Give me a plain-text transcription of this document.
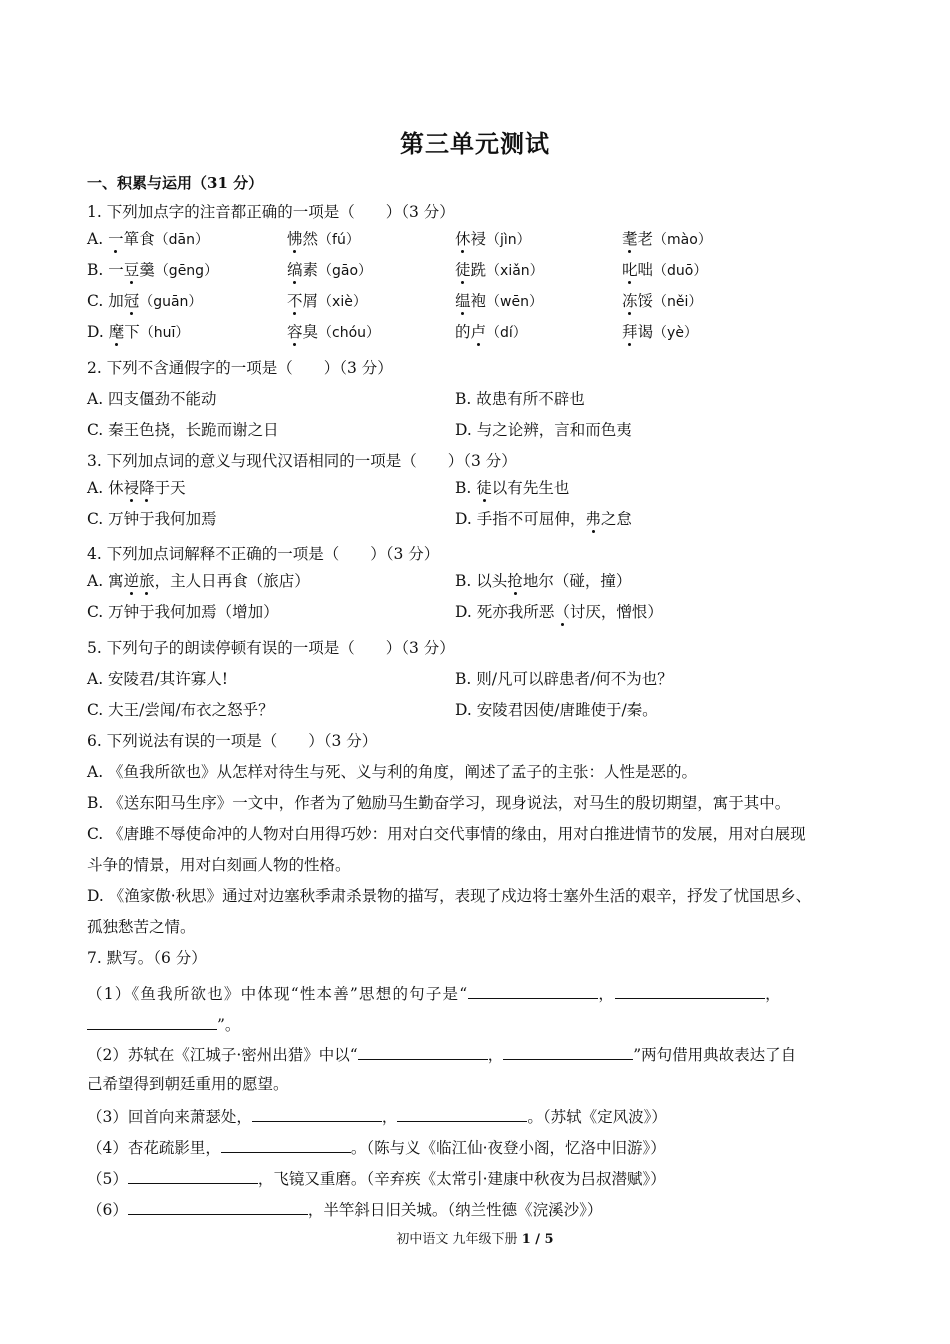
第三单元测试
一、积累与运用（31 分）
1. 下列加点字的注音都正确的一项是（　　）（3 分）
A. 一箪食（dān）	怫然（fú）	休祲（jìn）	耄老（mào）
B. 一豆羹（gēng）	缟素（gāo）	徒跣（xiǎn）	叱咄（duō）
C. 加冠（guān）	不屑（xiè）	缊袍（wēn）	冻馁（něi）
D. 麾下（huī）	容臭（chóu）	的卢（dí）	拜谒（yè）
2. 下列不含通假字的一项是（　　）（3 分）
A. 四支僵劲不能动	B. 故患有所不辟也
C. 秦王色挠，长跪而谢之日	D. 与之论辨，言和而色夷
3. 下列加点词的意义与现代汉语相同的一项是（　　）（3 分）
A. 休祲降于天	B. 徒以有先生也
C. 万钟于我何加焉	D. 手指不可屈伸，弗之怠
4. 下列加点词解释不正确的一项是（　　）（3 分）
A. 寓逆旅，主人日再食（旅店）	B. 以头抢地尔（碰，撞）
C. 万钟于我何加焉（增加）	D. 死亦我所恶（讨厌，憎恨）
5. 下列句子的朗读停顿有误的一项是（　　）（3 分）
A. 安陵君/其许寡人!	B. 则/凡可以辟患者/何不为也？
C. 大王/尝闻/布衣之怒乎？	D. 安陵君因使/唐雎使于/秦。
6. 下列说法有误的一项是（　　）（3 分）
A. 《鱼我所欲也》从怎样对待生与死、义与利的角度，阐述了孟子的主张：人性是恶的。
B. 《送东阳马生序》一文中，作者为了勉励马生勤奋学习，现身说法，对马生的殷切期望，寓于其中。
C. 《唐雎不辱使命冲的人物对白用得巧妙：用对白交代事情的缘由，用对白推进情节的发展，用对白展现
斗争的情景，用对白刻画人物的性格。
D. 《渔家傲·秋思》通过对边塞秋季肃杀景物的描写，表现了戍边将士塞外生活的艰辛，抒发了忧国思乡、
孤独愁苦之情。
7. 默写。（6 分）
（1）《鱼我所欲也》中体现“性本善”思想的句子是“	，	，
”。
（2）苏轼在《江城子·密州出猎》中以“	，	”两句借用典故表达了自
己希望得到朝廷重用的愿望。
（3）回首向来萧瑟处，	，	。（苏轼《定风波》）
（4）杏花疏影里，	。（陈与义《临江仙·夜登小阁，忆洛中旧游》）
（5）	，飞镜又重磨。（辛弃疾《太常引·建康中秋夜为吕叔潜赋》）
（6）	，半竿斜日旧关城。（纳兰性德《浣溪沙》）
初中语文 九年级下册 1 / 5
